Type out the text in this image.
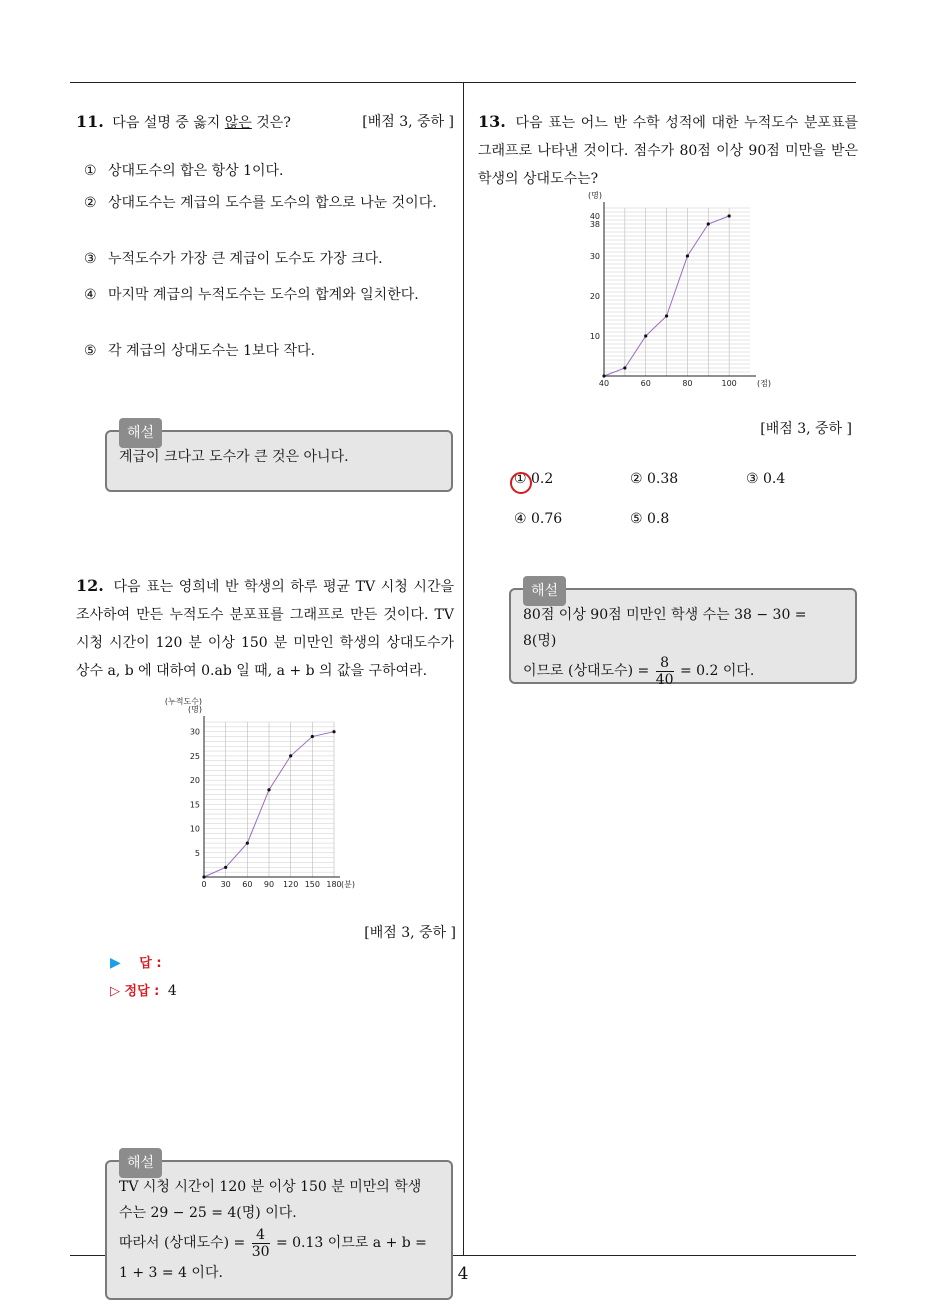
4
11. 다음 설명 중 옳지 않은 것은?	[배점 3, 중하 ]
① 상대도수의 합은 항상 1이다.
② 상대도수는 계급의 도수를 도수의 합으로 나눈 것이다.
③ 누적도수가 가장 큰 계급이 도수도 가장 크다.
④ 마지막 계급의 누적도수는 도수의 합계와 일치한다.
⑤ 각 계급의 상대도수는 1보다 작다.
해설
계급이 크다고 도수가 큰 것은 아니다.
12. 다음 표는 영희네 반 학생의 하루 평균 TV 시청 시간을 조사하여 만든 누적도수 분포표를 그래프로 만든 것이다. TV 시청 시간이 120 분 이상 150 분 미만인 학생의 상대도수가 상수 a, b 에 대하여 0.ab 일 때, a + b 의 값을 구하여라.
5
10
15
20
25
30
0 30 60 90 120 150 180 (분)
(누적도수)
(명)
[배점 3, 중하 ]
▶ 답 :
▷ 정답 : 4
해설
TV 시청 시간이 120 분 이상 150 분 미만의 학생
수는 29 − 25 = 4(명) 이다.
따라서 (상대도수) = $\frac{4}{30}$ = 0.13̇ 이므로 a + b =
1 + 3 = 4 이다.
13. 다음 표는 어느 반 수학 성적에 대한 누적도수 분포표를 그래프로 나타낸 것이다. 점수가 80점 이상 90점 미만을 받은 학생의 상대도수는?
10
20
30
38
40
40	60	80	100	(점)
(명)
[배점 3, 중하 ]
① 0.2	② 0.38	③ 0.4
④ 0.76	⑤ 0.8
해설
80점 이상 90점 미만인 학생 수는 38 − 30 = 8(명)
이므로 (상대도수) = $\frac{8}{40} = 0.2$ 이다.
